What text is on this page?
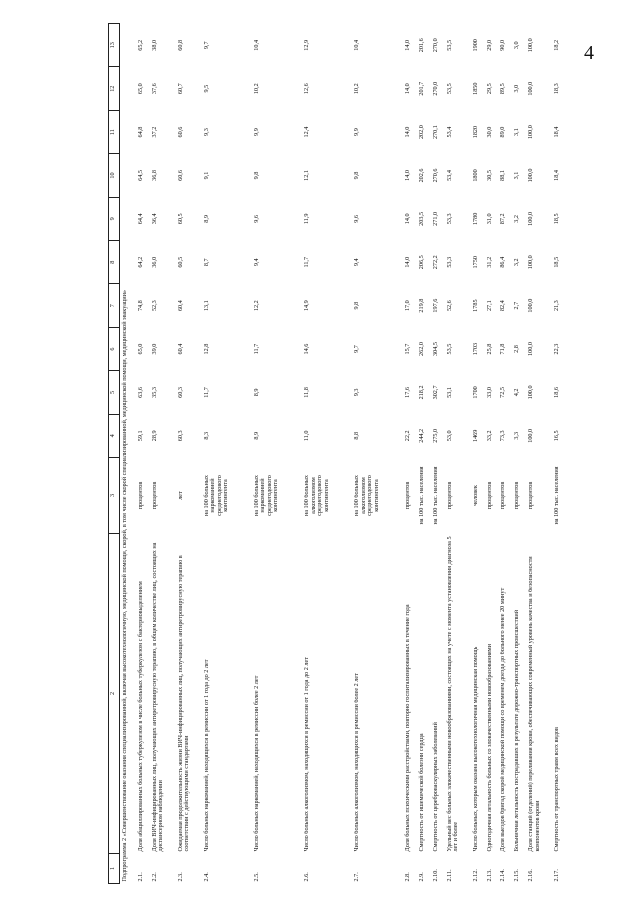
4
1	2	3	4	5	6	7	8	9	10	11	12	13
Подпрограмма 2 «Совершенствование оказания специализированной, включая высокотехнологичную, медицинской помощи, скорой, в том числе скорой специализированной, медицинской помощи, медицинской эвакуации»												
2.1.	Доля абациллированных больных туберкулезом в числе больных туберкулезом с бактериовыделением	процентов	59,1	63,6	65,0	74,8	64,2	64,4	64,5	64,8	65,0	65,2
2.2.	Доля ВИЧ-инфицированных лиц, получающих антиретровирусную терапию, в общем количестве лиц, состоящих на диспансерном наблюдении	процентов	28,9	35,3	39,0	52,3	36,0	36,4	36,8	37,2	37,6	38,0
2.3.	Ожидаемая продолжительность жизни ВИЧ-инфицированных лиц, получающих антиретровирусную терапию в соответствии с действующими стандартами	лет	60,3	60,3	60,4	60,4	60,5	60,5	60,6	60,6	60,7	60,8
2.4.	Число больных наркоманией, находящихся в ремиссии от 1 года до 2 лет	на 100 больных наркоманией среднегодового контингента	8,3	11,7	12,8	13,1	8,7	8,9	9,1	9,3	9,5	9,7
2.5.	Число больных наркоманией, находящихся в ремиссии более 2 лет	на 100 больных наркоманией среднегодового контингента	8,9	8,9	11,7	12,2	9,4	9,6	9,8	9,9	10,2	10,4
2.6.	Число больных алкоголизмом, находящихся в ремиссии от 1 года до 2 лет	на 100 больных алкоголизмом среднегодового контингента	11,0	11,8	14,6	14,9	11,7	11,9	12,1	12,4	12,6	12,9
2.7.	Число больных алкоголизмом, находящихся в ремиссии более 2 лет	на 100 больных алкоголизмом среднегодового контингента	8,8	9,3	9,7	9,8	9,4	9,6	9,8	9,9	10,2	10,4
2.8.	Доля больных психическими расстройствами, повторно госпитализированных в течение года	процентов	22,2	17,6	15,7	17,0	14,0	14,0	14,0	14,0	14,0	14,0
2.9.	Смертность от ишемической болезни сердца	на 100 тыс. населения	244,2	218,2	262,0	219,8	206,5	203,5	202,6	202,0	201,7	201,6
2.10.	Смертность от цереброваскулярных заболеваний	на 100 тыс. населения	275,0	302,7	304,5	197,6	272,2	271,0	270,6	270,1	270,0	270,0
2.11.	Удельный вес больных злокачественными новообразованиями, состоящих на учете с момента установления диагноза 5 лет и более	процентов	53,0	53,1	53,5	52,6	53,3	53,3	53,4	53,4	53,5	53,5
2.12.	Число больных, которым оказана высокотехнологичная медицинская помощь	человек	1469	1700	1703	1785	1750	1780	1800	1820	1850	1900
2.13.	Одногодичная летальность больных со злокачественными новообразованиями	процентов	33,2	33,0	25,8	27,1	31,2	31,0	30,5	30,0	29,5	29,0
2.14.	Доля выездов бригад скорой медицинской помощи со временем доезда до больного менее 20 минут	процентов	73,3	72,5	71,8	82,4	86,4	87,2	88,1	89,0	89,5	90,0
2.15.	Больничная летальность пострадавших в результате дорожно-транспортных происшествий	процентов	3,3	4,2	2,8	2,7	3,2	3,2	3,1	3,1	3,0	3,0
2.16.	Доля станций (отделений) переливания крови, обеспечивающих современный уровень качества и безопасности компонентов крови	процентов	100,0	100,0	100,0	100,0	100,0	100,0	100,0	100,0	100,0	100,0
2.17.	Смертность от транспортных травм всех видов	на 100 тыс. населения	16,5	18,6	22,3	21,3	18,5	18,5	18,4	18,4	18,3	18,2
